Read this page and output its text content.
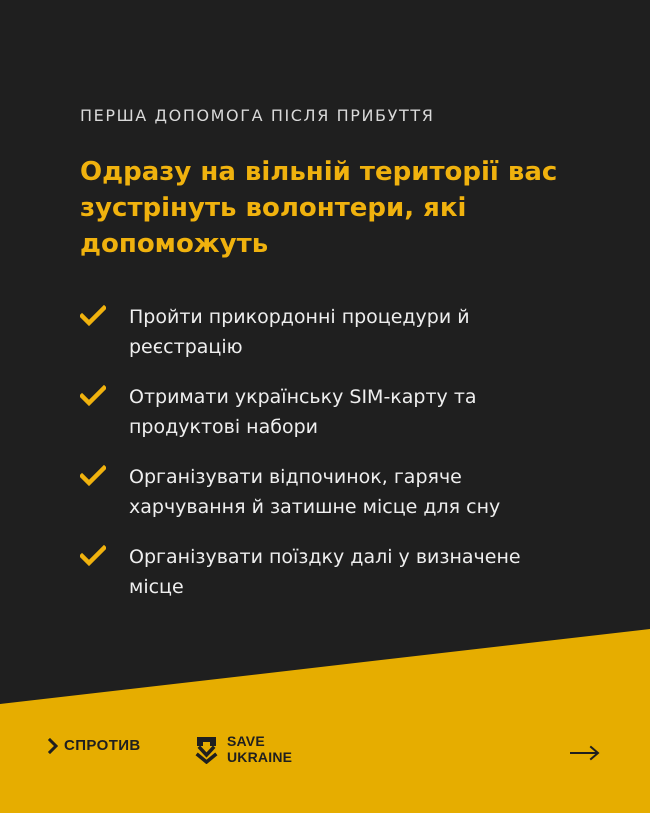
ПЕРША ДОПОМОГА ПІСЛЯ ПРИБУТТЯ
Одразу на вільній території вас зустрінуть волонтери, які допоможуть
Пройти прикордонні процедури й
реєстрацію
Отримати українську SIM-карту та
продуктові набори
Організувати відпочинок, гаряче
харчування й затишне місце для сну
Організувати поїздку далі у визначене
місце
СПРОТИВ	SAVE
UKRAINE
